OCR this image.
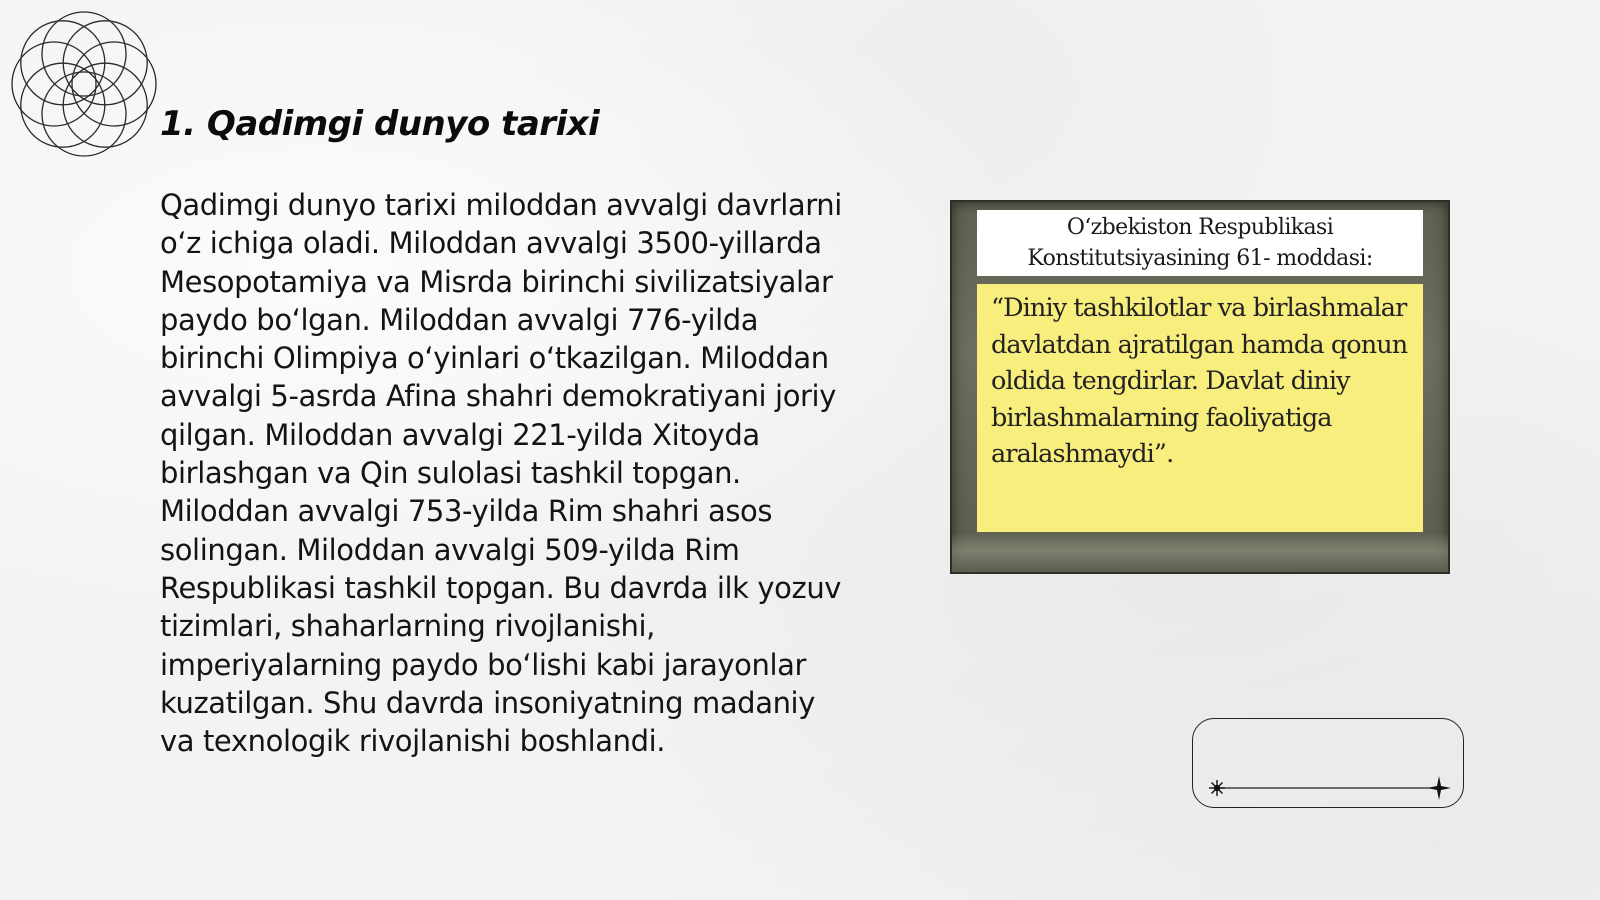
1. Qadimgi dunyo tarixi

Qadimgi dunyo tarixi miloddan avvalgi davrlarni o‘z ichiga oladi. Miloddan avvalgi 3500-yillarda Mesopotamiya va Misrda birinchi sivilizatsiyalar paydo bo‘lgan. Miloddan avvalgi 776-yilda birinchi Olimpiya o‘yinlari o‘tkazilgan. Miloddan avvalgi 5-asrda Afina shahri demokratiyani joriy qilgan. Miloddan avvalgi 221-yilda Xitoyda birlashgan va Qin sulolasi tashkil topgan. Miloddan avvalgi 753-yilda Rim shahri asos solingan. Miloddan avvalgi 509-yilda Rim Respublikasi tashkil topgan. Bu davrda ilk yozuv tizimlari, shaharlarning rivojlanishi, imperiyalarning paydo bo‘lishi kabi jarayonlar kuzatilgan. Shu davrda insoniyatning madaniy va texnologik rivojlanishi boshlandi.

O‘zbekiston Respublikasi
Konstitutsiyasining 61- moddasi:
“Diniy tashkilotlar va birlashmalar davlatdan ajratilgan hamda qonun oldida tengdirlar. Davlat diniy birlashmalarning faoliyatiga aralashmaydi”.
